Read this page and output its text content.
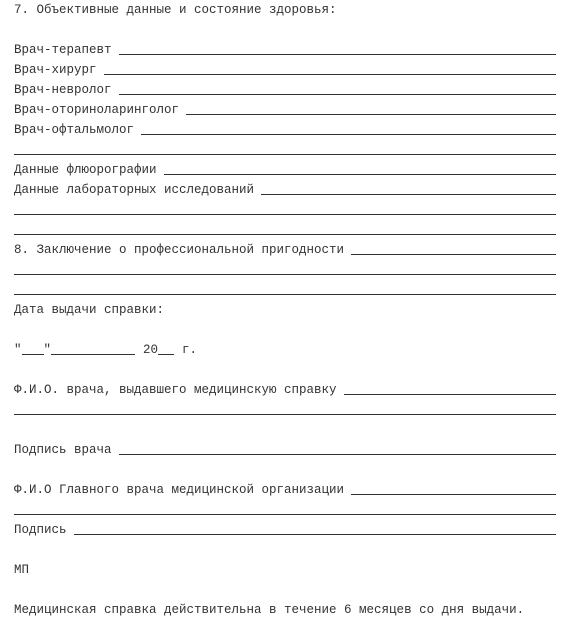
7. Объективные данные и состояние здоровья:
Врач-терапевт
Врач-хирург
Врач-невролог
Врач-оториноларинголог
Врач-офтальмолог
Данные флюорографии
Данные лабораторных исследований
8. Заключение о профессиональной пригодности
Дата выдачи справки:
" "	20	г.
Ф.И.О. врача, выдавшего медицинскую справку
Подпись врача
Ф.И.О Главного врача медицинской организации
Подпись
МП
Медицинская справка действительна в течение 6 месяцев со дня выдачи.
